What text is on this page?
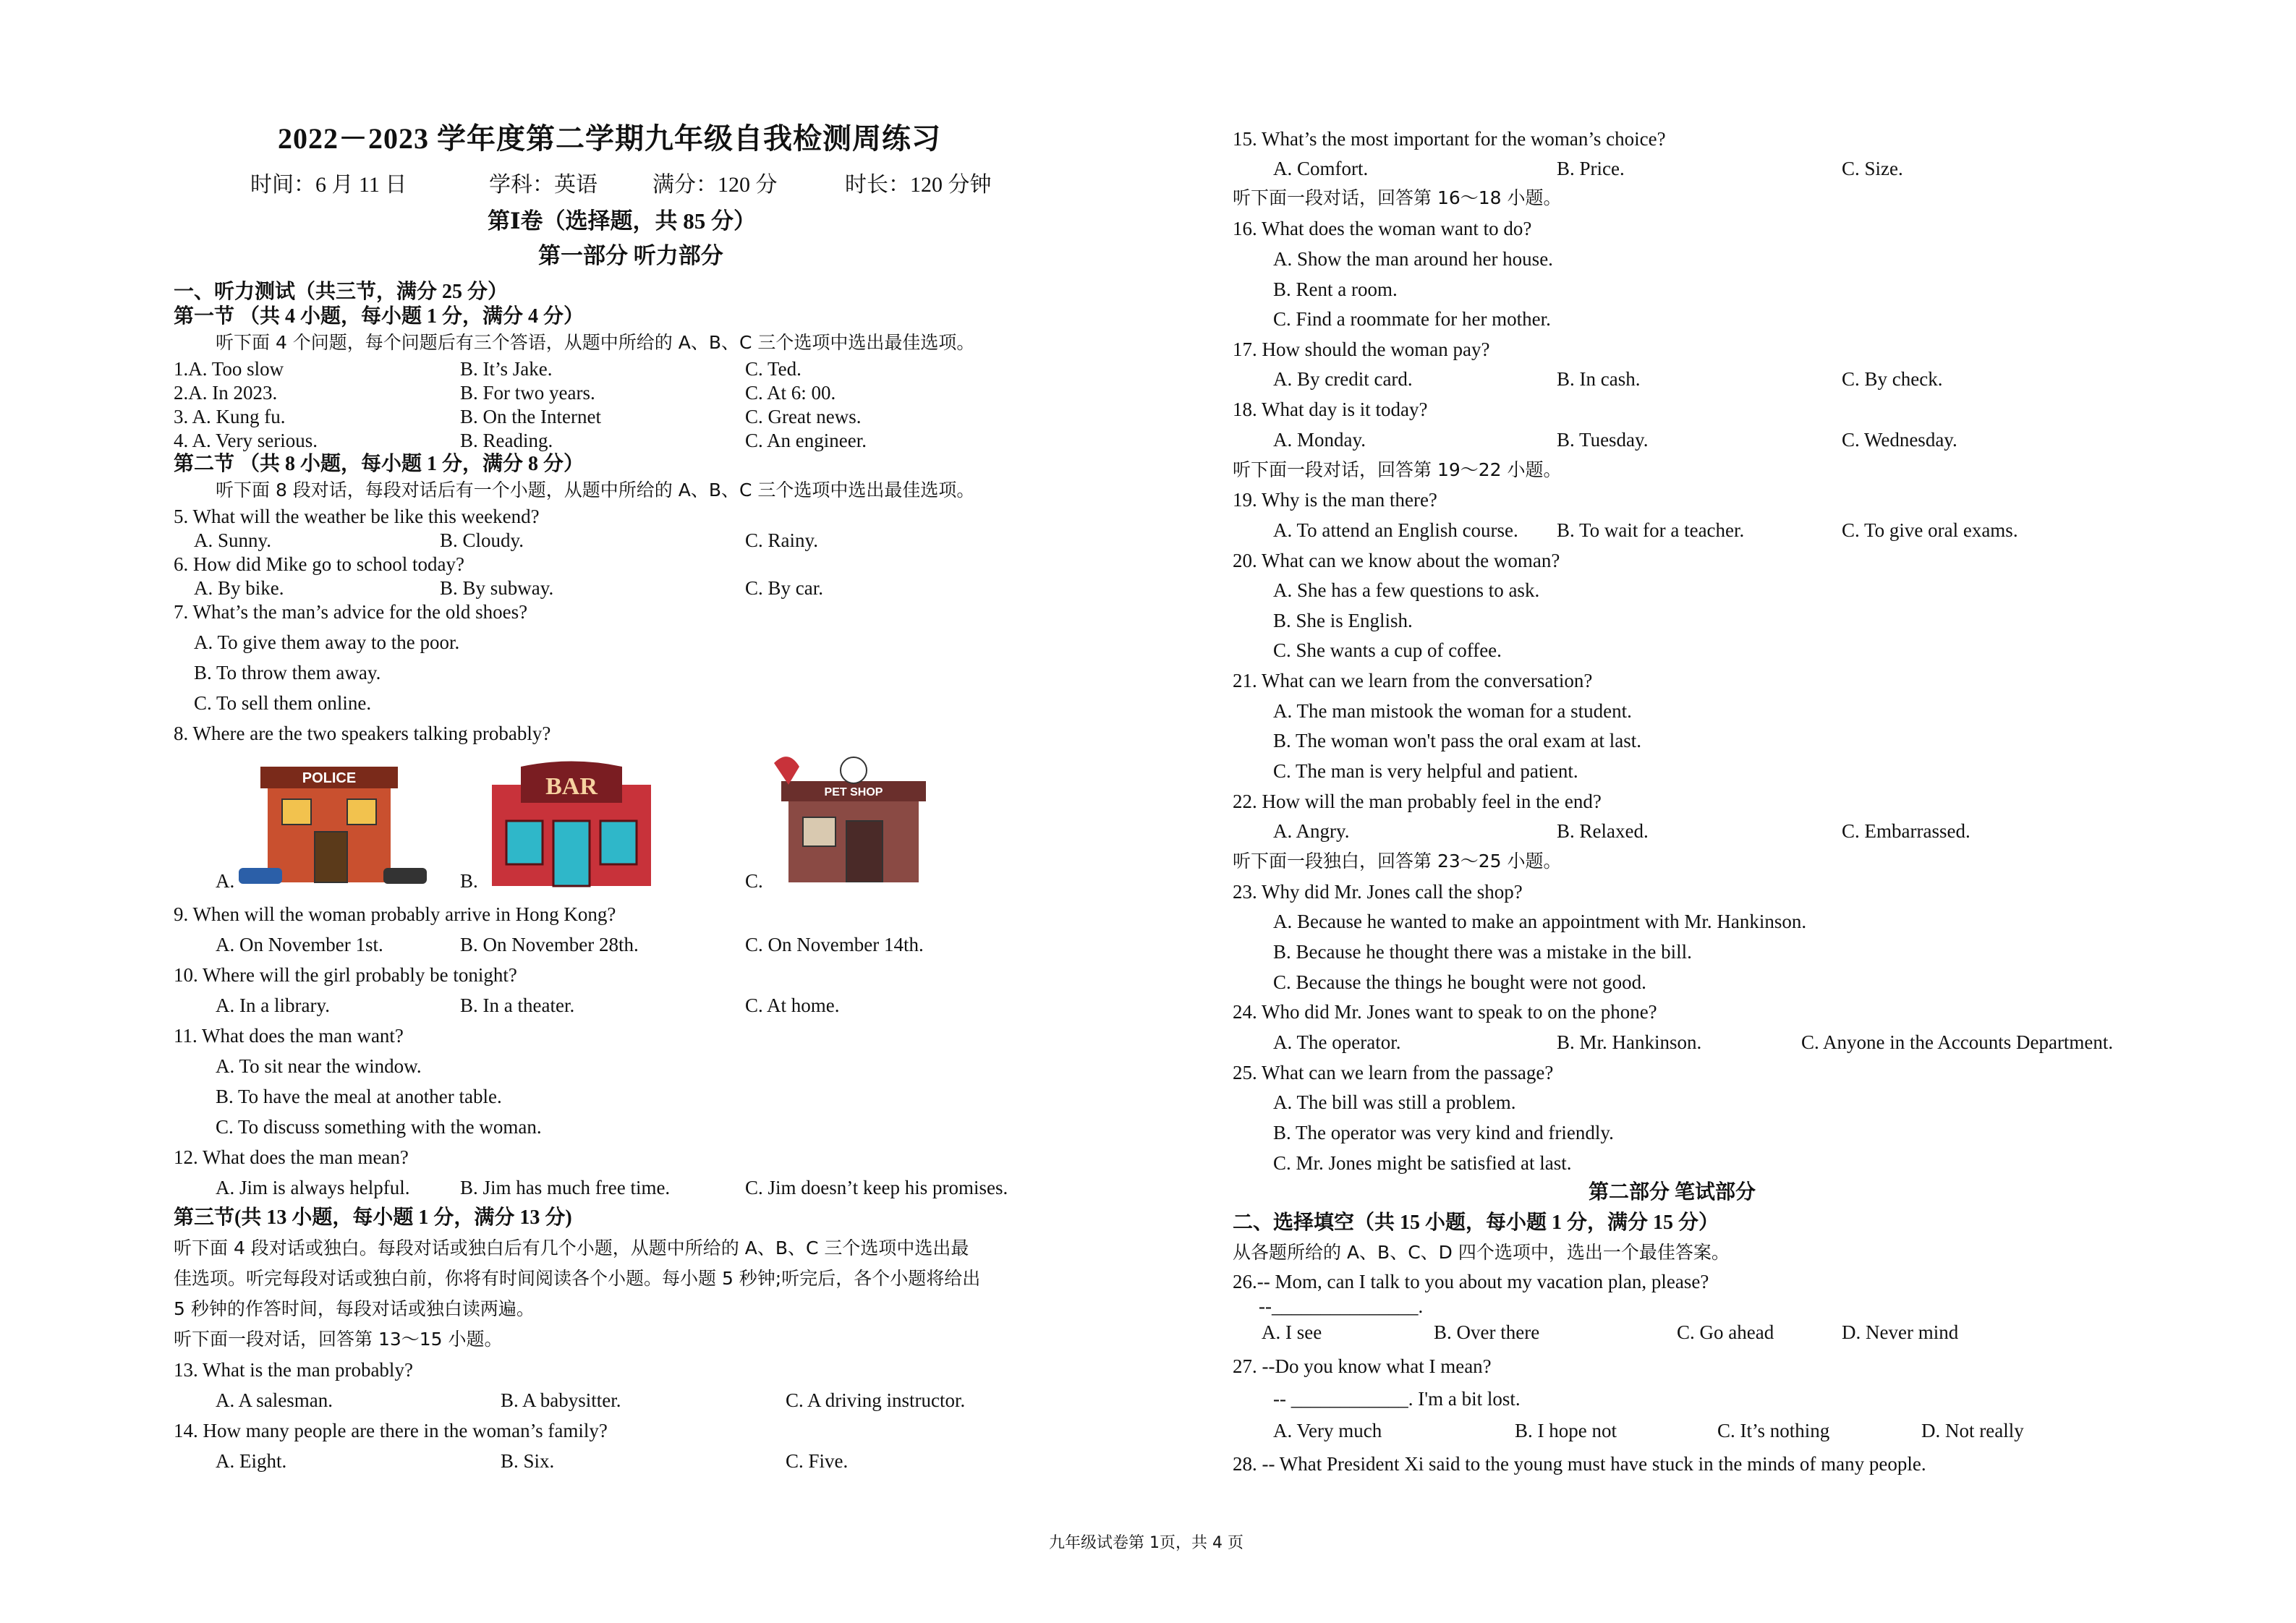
2022－2023 学年度第二学期九年级自我检测周练习
时间：6 月 11 日	学科：英语	满分：120 分	时长：120 分钟
第Ⅰ卷（选择题，共 85 分）
第一部分 听力部分
一、听力测试（共三节，满分 25 分）
第一节 （共 4 小题，每小题 1 分，满分 4 分）
听下面 4 个问题，每个问题后有三个答语，从题中所给的 A、B、C 三个选项中选出最佳选项。
1.A. Too slow	B. It’s Jake.	C. Ted.
2.A. In 2023.	B. For two years.	C. At 6: 00.
3. A. Kung fu.	B. On the Internet	C. Great news.
4. A. Very serious.	B. Reading.	C. An engineer.
第二节 （共 8 小题，每小题 1 分，满分 8 分）
听下面 8 段对话，每段对话后有一个小题，从题中所给的 A、B、C 三个选项中选出最佳选项。
5. What will the weather be like this weekend?
A. Sunny.	B. Cloudy.	C. Rainy.
6. How did Mike go to school today?
A. By bike.	B. By subway.	C. By car.
7. What’s the man’s advice for the old shoes?
A. To give them away to the poor.
B. To throw them away.
C. To sell them online.
8. Where are the two speakers talking probably?
POLICE	BAR	PET SHOP
A.	B.	C.
9. When will the woman probably arrive in Hong Kong?
A. On November 1st.	B. On November 28th.	C. On November 14th.
10. Where will the girl probably be tonight?
A. In a library.	B. In a theater.	C. At home.
11. What does the man want?
A. To sit near the window.
B. To have the meal at another table.
C. To discuss something with the woman.
12. What does the man mean?
A. Jim is always helpful.	B. Jim has much free time.	C. Jim doesn’t keep his promises.
第三节(共 13 小题，每小题 1 分，满分 13 分)
听下面 4 段对话或独白。每段对话或独白后有几个小题，从题中所给的 A、B、C 三个选项中选出最
佳选项。听完每段对话或独白前，你将有时间阅读各个小题。每小题 5 秒钟;听完后，各个小题将给出
5 秒钟的作答时间，每段对话或独白读两遍。
听下面一段对话，回答第 13～15 小题。
13. What is the man probably?
A. A salesman.	B. A babysitter.	C. A driving instructor.
14. How many people are there in the woman’s family?
A. Eight.	B. Six.	C. Five.
15. What’s the most important for the woman’s choice?
A. Comfort.	B. Price.	C. Size.
听下面一段对话，回答第 16～18 小题。
16. What does the woman want to do?
A. Show the man around her house.
B. Rent a room.
C. Find a roommate for her mother.
17. How should the woman pay?
A. By credit card.	B. In cash.	C. By check.
18. What day is it today?
A. Monday.	B. Tuesday.	C. Wednesday.
听下面一段对话，回答第 19～22 小题。
19. Why is the man there?
A. To attend an English course. B. To wait for a teacher.	C. To give oral exams.
20. What can we know about the woman?
A. She has a few questions to ask.
B. She is English.
C. She wants a cup of coffee.
21. What can we learn from the conversation?
A. The man mistook the woman for a student.
B. The woman won't pass the oral exam at last.
C. The man is very helpful and patient.
22. How will the man probably feel in the end?
A. Angry.	B. Relaxed.	C. Embarrassed.
听下面一段独白，回答第 23～25 小题。
23. Why did Mr. Jones call the shop?
A. Because he wanted to make an appointment with Mr. Hankinson.
B. Because he thought there was a mistake in the bill.
C. Because the things he bought were not good.
24. Who did Mr. Jones want to speak to on the phone?
A. The operator.	B. Mr. Hankinson.	C. Anyone in the Accounts Department.
25. What can we learn from the passage?
A. The bill was still a problem.
B. The operator was very kind and friendly.
C. Mr. Jones might be satisfied at last.
第二部分 笔试部分
二、选择填空（共 15 小题，每小题 1 分，满分 15 分）
从各题所给的 A、B、C、D 四个选项中，选出一个最佳答案。
26.-- Mom, can I talk to you about my vacation plan, please?
--_______________.
A. I see	B. Over there	C. Go ahead	D. Never mind
27. --Do you know what I mean?
-- ____________. I'm a bit lost.
A. Very much	B. I hope not	C. It’s nothing	D. Not really
28. -- What President Xi said to the young must have stuck in the minds of many people.
九年级试卷第 1页，共 4 页
